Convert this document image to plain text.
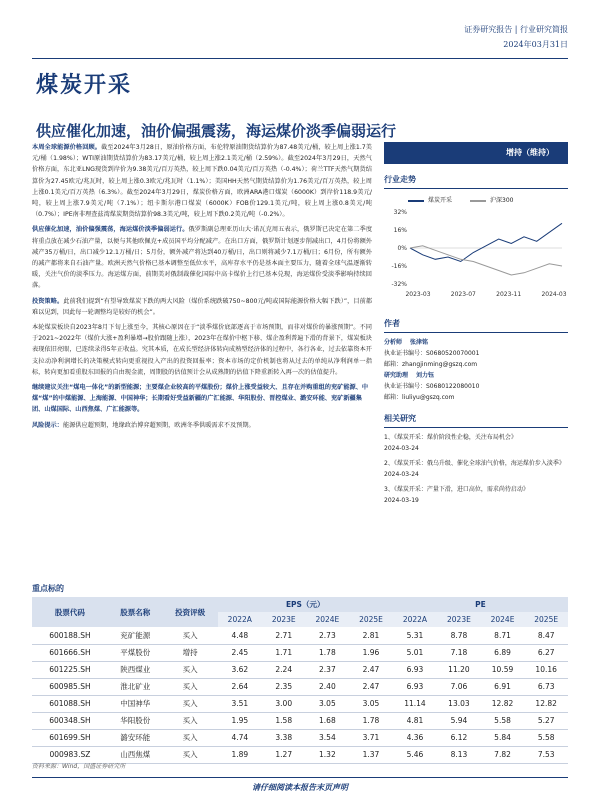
证券研究报告 | 行业研究简报
2024年03月31日
煤炭开采
供应催化加速，油价偏强震荡，海运煤价淡季偏弱运行

本周全球能源价格回顾。截至2024年3月28日，原油价格方面，布伦特原油期货结算价为87.48美元/桶，较上周上涨1.7美元/桶（1.98%）；WTI原油期货结算价为83.17美元/桶，较上周上涨2.1美元/桶（2.59%）。截至2024年3月29日，天然气价格方面，东北亚LNG现货到岸价为9.38美元/百万英热，较上周下跌0.04美元/百万英热（-0.4%）；荷兰TTF天然气期货结算价为27.45欧元/兆瓦时，较上周上涨0.3欧元/兆瓦时（1.1%）；美国HH天然气期货结算价为1.76美元/百万英热，较上周上涨0.1美元/百万英热（6.3%）。截至2024年3月29日，煤炭价格方面，欧洲ARA港口煤炭（6000K）到岸价118.9美元/吨，较上周上涨7.9美元/吨（7.1%）；纽卡斯尔港口煤炭（6000K）FOB价129.1美元/吨，较上周上涨0.8美元/吨（0.7%）；IPE南非理查兹湾煤炭期货结算价98.3美元/吨，较上周下跌0.2美元/吨（-0.2%）。

供应催化加速，油价偏强震荡，海运煤价淡季偏弱运行。俄罗斯副总理亚历山大·诺瓦克周五表示，俄罗斯已决定在第二季度将重点放在减少石油产量，以便与其他欧佩克+成员国平均分配减产。在出口方面，俄罗斯计划逐步削减出口，4月份将额外减产35万桶/日，出口减少12.1万桶/日；5月份，额外减产将达到40万桶/日，出口则将减少7.1万桶/日；6月份，所有额外的减产都将来自石油产量。欧洲天然气价格已基本调整至低位水平，高库存水平仍是基本面主要压力，随着全球气温逐渐转暖，关注气价的淡季压力。海运煤方面，前期美对俄制裁催化国际中高卡煤价上行已基本兑现，海运煤价受淡季影响持续回落。

投资策略。此前我们提到“有望导致煤炭下跌的两大风险（煤价系统跌破750~800元/吨或国际能源价格大幅下跌）”，目前都难以见到，因此每一轮调整均是较好的机会”。

本轮煤炭板块自2023年8月下旬上涨至今，其核心原因在于“淡季煤价底部逐高于市场预期，而非对煤价的暴涨预期”。不同于2021~2022年（煤价大涨+盈利暴增→股价跟随上涨），2023年在煤价中枢下移、煤企盈利普遍下滑的背景下，煤炭板块表现依旧亮眼，已连续录得5年正收益。究其本质，在成长型经济体转向成熟型经济体的过程中，各行各业，过去依靠资本开支拉动净利润增长的决策模式转向更重视投入产出的投资回报率；资本市场的定价机制也将从过去的单纯从净利润单一指标，转向更加看重股东回报的自由现金流，周期股的估值预计会从成熟期的估值下降重新转入再一次的估值提升。

继续建议关注“煤电一体化”的新型能源；主要煤企业较高的平煤股份；煤价上涨受益较大、且存在并购重组的兖矿能源、中煤“煤”的中煤能源、上海能源、中国神华；长期看好受益新疆的广汇能源、华阳股份、晋控煤业、潞安环能、兖矿新疆集团、山煤国际、山西焦煤、广汇能源等。

风险提示：能源供应超预期，地缘政治博弈超预期，欧洲冬季供暖需求不及预期。

增持（维持）
行业走势
煤炭开采	沪深300
32%
16%
0%
-16%
-32%
2023-03	2023-07	2023-11	2024-03
作者
分析师 张津铭
执业证书编号：S0680520070001
邮箱：zhangjinming@gszq.com
研究助理 刘力钰
执业证书编号：S0680122080010
邮箱：liuliyu@gszq.com
相关研究
1、《煤炭开采：煤价阶段性企稳，关注布局机会》
2024-03-24
2、《煤炭开采：俄乌升级、催化全球油气价格，海运煤价步入淡季》
2024-03-24
3、《煤炭开采：产量下滑，进口高位，需求尚待启动》
2024-03-19
重点标的
股票代码	股票名称	投资评级	EPS（元）				PE			
			2022A	2023E	2024E	2025E	2022A	2023E	2024E	2025E
600188.SH	兖矿能源	买入	4.48	2.71	2.73	2.81	5.31	8.78	8.71	8.47
601666.SH	平煤股份	增持	2.45	1.71	1.78	1.96	5.01	7.18	6.89	6.27
601225.SH	陕西煤业	买入	3.62	2.24	2.37	2.47	6.93	11.20	10.59	10.16
600985.SH	淮北矿业	买入	2.64	2.35	2.40	2.47	6.93	7.06	6.91	6.73
601088.SH	中国神华	买入	3.51	3.00	3.05	3.05	11.14	13.03	12.82	12.82
600348.SH	华阳股份	买入	1.95	1.58	1.68	1.78	4.81	5.94	5.58	5.27
601699.SH	潞安环能	买入	4.74	3.38	3.54	3.71	4.36	6.12	5.84	5.58
000983.SZ	山西焦煤	买入	1.89	1.27	1.32	1.37	5.46	8.13	7.82	7.53
资料来源：Wind，国盛证券研究所
请仔细阅读本报告末页声明
